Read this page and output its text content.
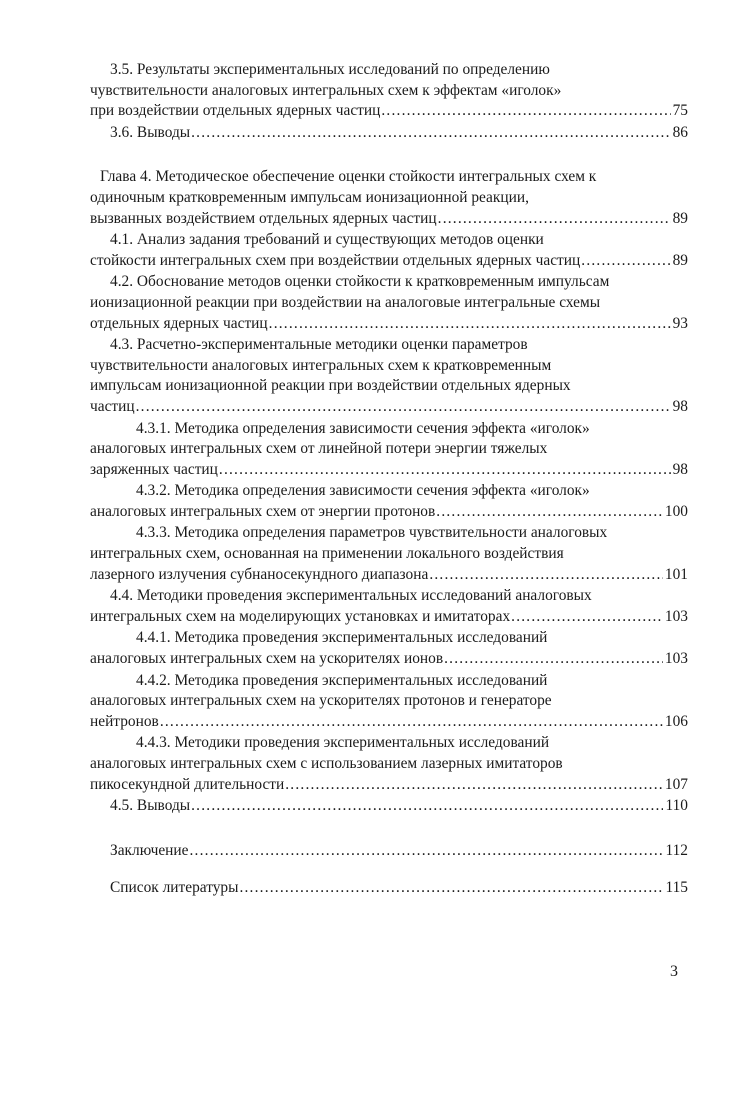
3.5. Результаты экспериментальных исследований по определению
чувствительности аналоговых интегральных схем к эффектам «иголок»
при воздействии отдельных ядерных частиц .....	75
3.6. Выводы .....	86
Глава 4. Методическое обеспечение оценки стойкости интегральных схем к
одиночным кратковременным импульсам ионизационной реакции,
вызванных воздействием отдельных ядерных частиц .....	89
4.1. Анализ задания требований и существующих методов оценки
стойкости интегральных схем при воздействии отдельных ядерных частиц .....	89
4.2. Обоснование методов оценки стойкости к кратковременным импульсам
ионизационной реакции при воздействии на аналоговые интегральные схемы
отдельных ядерных частиц .....	93
4.3. Расчетно-экспериментальные методики оценки параметров
чувствительности аналоговых интегральных схем к кратковременным
импульсам ионизационной реакции при воздействии отдельных ядерных
частиц .....	98
4.3.1. Методика определения зависимости сечения эффекта «иголок»
аналоговых интегральных схем от линейной потери энергии тяжелых
заряженных частиц .....	98
4.3.2. Методика определения зависимости сечения эффекта «иголок»
аналоговых интегральных схем от энергии протонов .....	100
4.3.3. Методика определения параметров чувствительности аналоговых
интегральных схем, основанная на применении локального воздействия
лазерного излучения субнаносекундного диапазона .....	101
4.4. Методики проведения экспериментальных исследований аналоговых
интегральных схем на моделирующих установках и имитаторах .....	103
4.4.1. Методика проведения экспериментальных исследований
аналоговых интегральных схем на ускорителях ионов .....	103
4.4.2. Методика проведения экспериментальных исследований
аналоговых интегральных схем на ускорителях протонов и генераторе
нейтронов .....	106
4.4.3. Методики проведения экспериментальных исследований
аналоговых интегральных схем с использованием лазерных имитаторов
пикосекундной длительности .....	107
4.5. Выводы .....	110
Заключение .....	112
Список литературы .....	115
3
